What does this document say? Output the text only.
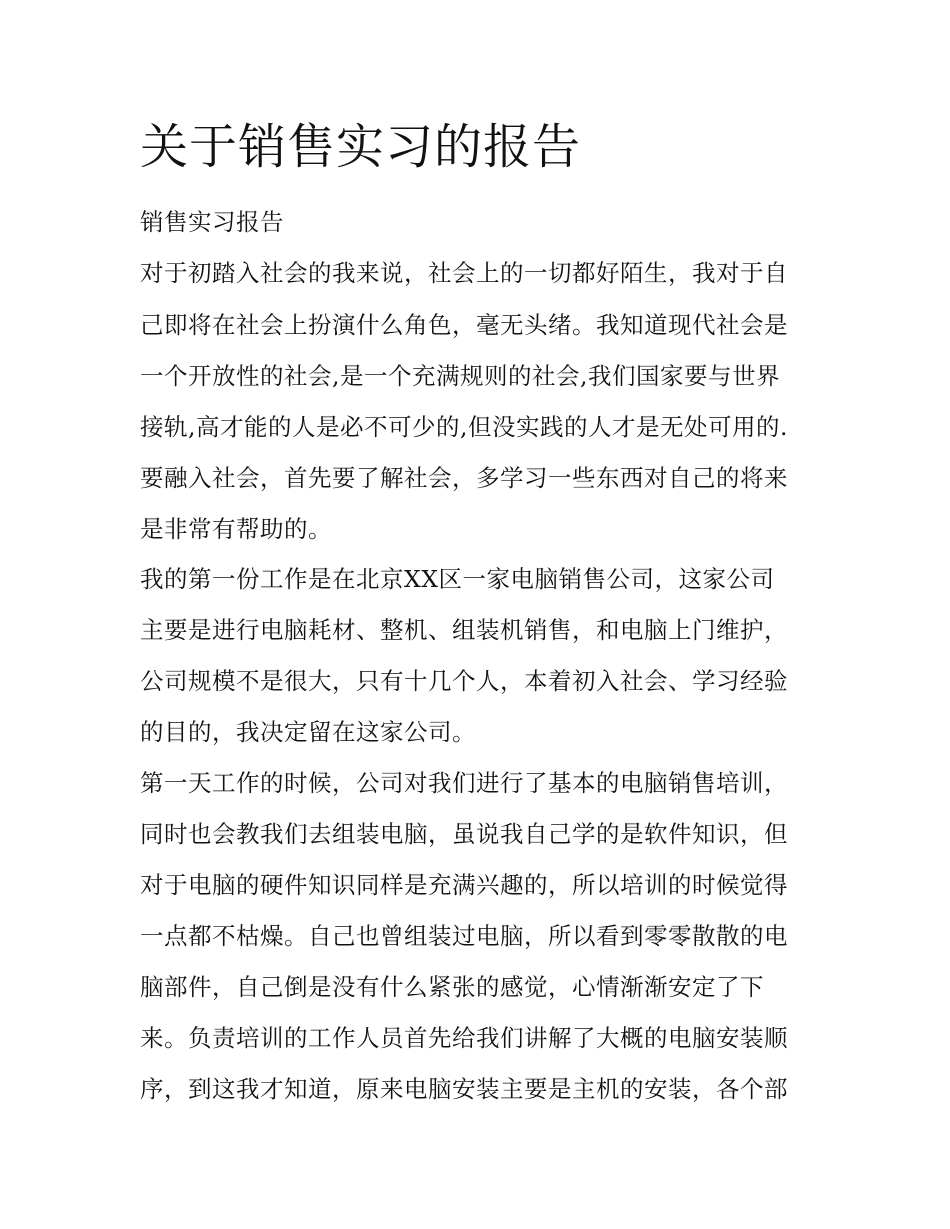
关于销售实习的报告

销售实习报告

对于初踏入社会的我来说，社会上的一切都好陌生，我对于自

己即将在社会上扮演什么角色，毫无头绪。我知道现代社会是

一个开放性的社会,是一个充满规则的社会,我们国家要与世界

接轨,高才能的人是必不可少的,但没实践的人才是无处可用的.

要融入社会，首先要了解社会，多学习一些东西对自己的将来

是非常有帮助的。

我的第一份工作是在北京XX区一家电脑销售公司，这家公司

主要是进行电脑耗材、整机、组装机销售，和电脑上门维护，

公司规模不是很大，只有十几个人，本着初入社会、学习经验

的目的，我决定留在这家公司。

第一天工作的时候，公司对我们进行了基本的电脑销售培训，

同时也会教我们去组装电脑，虽说我自己学的是软件知识，但

对于电脑的硬件知识同样是充满兴趣的，所以培训的时候觉得

一点都不枯燥。自己也曾组装过电脑，所以看到零零散散的电

脑部件，自己倒是没有什么紧张的感觉，心情渐渐安定了下

来。负责培训的工作人员首先给我们讲解了大概的电脑安装顺

序，到这我才知道，原来电脑安装主要是主机的安装，各个部
